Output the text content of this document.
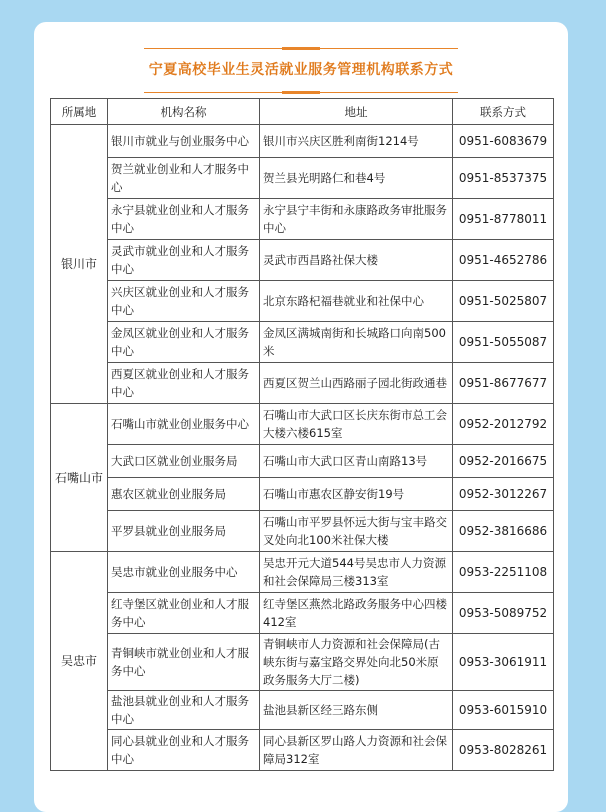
宁夏高校毕业生灵活就业服务管理机构联系方式
所属地	机构名称	地址	联系方式
银川市	银川市就业与创业服务中心	银川市兴庆区胜利南街1214号	0951-6083679
	贺兰就业创业和人才服务中心	贺兰县光明路仁和巷4号	0951-8537375
	永宁县就业创业和人才服务中心	永宁县宁丰街和永康路政务审批服务中心	0951-8778011
	灵武市就业创业和人才服务中心	灵武市西昌路社保大楼	0951-4652786
	兴庆区就业创业和人才服务中心	北京东路杞福巷就业和社保中心	0951-5025807
	金凤区就业创业和人才服务中心	金凤区满城南街和长城路口向南500米	0951-5055087
	西夏区就业创业和人才服务中心	西夏区贺兰山西路丽子园北街政通巷	0951-8677677
石嘴山市	石嘴山市就业创业服务中心	石嘴山市大武口区长庆东街市总工会大楼六楼615室	0952-2012792
	大武口区就业创业服务局	石嘴山市大武口区青山南路13号	0952-2016675
	惠农区就业创业服务局	石嘴山市惠农区静安街19号	0952-3012267
	平罗县就业创业服务局	石嘴山市平罗县怀远大街与宝丰路交叉处向北100米社保大楼	0952-3816686
吴忠市	吴忠市就业创业服务中心	吴忠开元大道544号吴忠市人力资源和社会保障局三楼313室	0953-2251108
	红寺堡区就业创业和人才服务中心	红寺堡区燕然北路政务服务中心四楼412室	0953-5089752
	青铜峡市就业创业和人才服务中心	青铜峡市人力资源和社会保障局(古峡东街与嘉宝路交界处向北50米原政务服务大厅二楼)	0953-3061911
	盐池县就业创业和人才服务中心	盐池县新区经三路东侧	0953-6015910
	同心县就业创业和人才服务中心	同心县新区罗山路人力资源和社会保障局312室	0953-8028261
